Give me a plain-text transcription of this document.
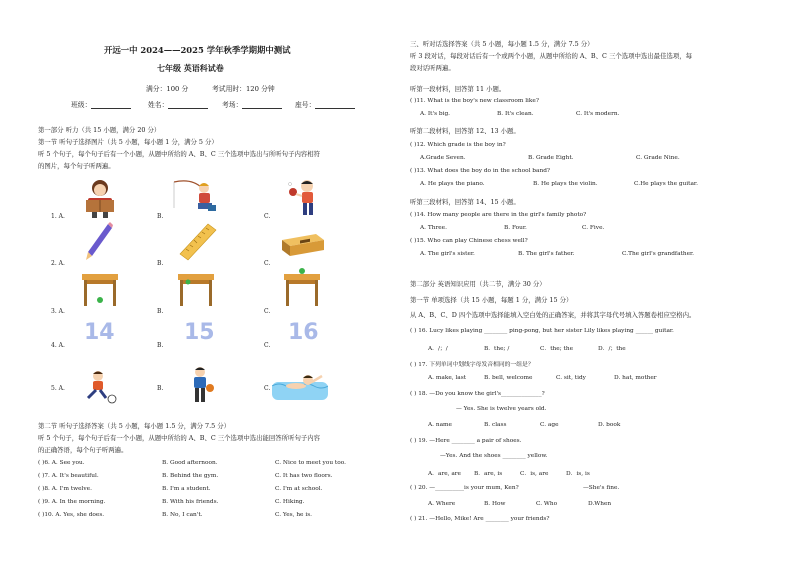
开远一中 2024——2025 学年秋季学期期中测试
七年级 英语科试卷
满分：100 分	考试用时：120 分钟
班级：	姓名：	考场：	座号：
第一部分 听力（共 15 小题，满分 20 分）
第一节 听句子选择图片（共 5 小题，每小题 1 分，满分 5 分）
听 5 个句子，每个句子后有一个小题，从题中所给的 A、B、C 三个选项中选出与所听句子内容相符
的图片，每个句子听两遍。
1. A.	B.	C.
2. A.	B.	C.
3. A.	B.	C.
4. A.	B.	C.
5. A.	B.	C.
14	15	16
第二节 听句子选择答案（共 5 小题，每小题 1.5 分，满分 7.5 分）
听 5 个句子，每个句子后有一个小题，从题中所给的 A、B、C 三个选项中选出能回答所听句子内容
的正确答语，每个句子听两遍。
( )6. A. See you.	B. Good afternoon.	C. Nice to meet you too.
( )7. A. It's beautiful.	B. Behind the gym.	C. It has two floors.
( )8. A. I'm twelve.	B. I'm a student.	C. I'm at school.
( )9. A. In the morning.	B. With his friends.	C. Hiking.
( )10. A. Yes, she does.	B. No, I can't.	C. Yes, he is.
三、听对话选择答案（共 5 小题，每小题 1.5 分，满分 7.5 分）
听 3 段对话，每段对话后有一个或两个小题，从题中所给的 A、B、C 三个选项中选出最佳选项，每
段对话听两遍。
听第一段材料，回答第 11 小题。
( )11. What is the boy's new classroom like?
A. It's big.	B. It's clean.	C. It's modern.
听第二段材料，回答第 12、13 小题。
( )12. Which grade is the boy in?
A.Grade Seven.	B. Grade Eight.	C. Grade Nine.
( )13. What does the boy do in the school band?
A. He plays the piano.	B. He plays the violin.	C.He plays the guitar.
听第三段材料，回答第 14、15 小题。
( )14. How many people are there in the girl's family photo?
A. Three.	B. Four.	C. Five.
( )15. Who can play Chinese chess well?
A. The girl's sister.	B. The girl's father.	C.The girl's grandfather.
第二部分 英语知识应用（共二节，满分 30 分）
第一节 单项选择（共 15 小题，每题 1 分，满分 15 分）
从 A、B、C、D 四个选项中选择能填入空白处的正确答案，并将其字母代号填入答题卷相应空格内。
( ) 16. Lucy likes playing ________ ping-pong, but her sister Lily likes playing ______ guitar.
A．/；/	B．the; /	C．the; the	D．/；the
( ) 17. 下列单词中划线字母发音相同的一组是？
A. make, last	B. bell, welcome	C. sit, tidy	D. hat, mother
( ) 18. —Do you know the girl's______________?
— Yes. She is twelve years old.
A. name	B. class	C. age	D. book
( ) 19. —Here ________ a pair of shoes.
—Yes. And the shoes ________ yellow.
A．are, are B．are, is	C．is, are	D．is, is
( ) 20. —__________is your mum, Ken?	—She's fine.
A. Where	B. How	C. Who	D.When
( ) 21. —Hello, Mike! Are ________ your friends?
